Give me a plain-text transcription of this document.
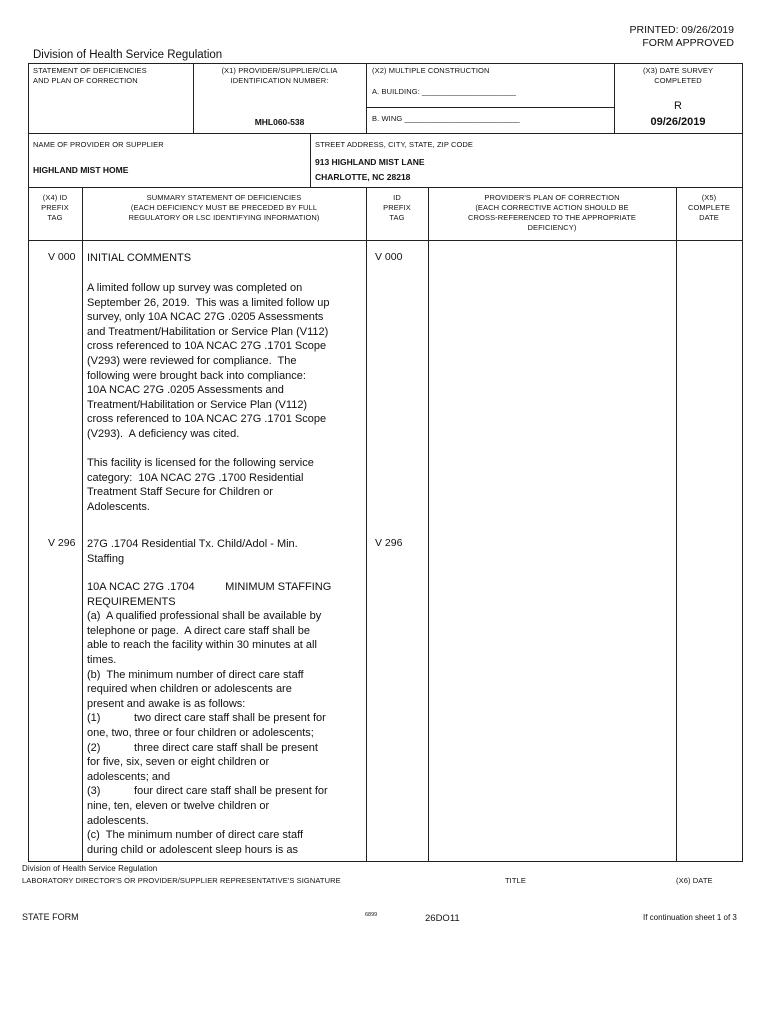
PRINTED: 09/26/2019
FORM APPROVED
Division of Health Service Regulation
STATEMENT OF DEFICIENCIES
AND PLAN OF CORRECTION
(X1) PROVIDER/SUPPLIER/CLIA
IDENTIFICATION NUMBER:
MHL060-538
(X2) MULTIPLE CONSTRUCTION
A. BUILDING: ______________________
B. WING ___________________________
(X3) DATE SURVEY
COMPLETED
R
09/26/2019
NAME OF PROVIDER OR SUPPLIER
HIGHLAND MIST HOME
STREET ADDRESS, CITY, STATE, ZIP CODE
913 HIGHLAND MIST LANE
CHARLOTTE, NC 28218
(X4) ID
PREFIX
TAG
SUMMARY STATEMENT OF DEFICIENCIES
(EACH DEFICIENCY MUST BE PRECEDED BY FULL
REGULATORY OR LSC IDENTIFYING INFORMATION)
ID
PREFIX
TAG
PROVIDER'S PLAN OF CORRECTION
(EACH CORRECTIVE ACTION SHOULD BE
CROSS-REFERENCED TO THE APPROPRIATE
DEFICIENCY)
(X5)
COMPLETE
DATE
V 000	V 000
INITIAL COMMENTS
A limited follow up survey was completed on
September 26, 2019.  This was a limited follow up
survey, only 10A NCAC 27G .0205 Assessments
and Treatment/Habilitation or Service Plan (V112)
cross referenced to 10A NCAC 27G .1701 Scope
(V293) were reviewed for compliance.  The
following were brought back into compliance:
10A NCAC 27G .0205 Assessments and
Treatment/Habilitation or Service Plan (V112)
cross referenced to 10A NCAC 27G .1701 Scope
(V293).  A deficiency was cited.

This facility is licensed for the following service
category:  10A NCAC 27G .1700 Residential
Treatment Staff Secure for Children or
Adolescents.
V 296	V 296
27G .1704 Residential Tx. Child/Adol - Min.
Staffing
10A NCAC 27G .1704          MINIMUM STAFFING
REQUIREMENTS
(a)  A qualified professional shall be available by
telephone or page.  A direct care staff shall be
able to reach the facility within 30 minutes at all
times.
(b)  The minimum number of direct care staff
required when children or adolescents are
present and awake is as follows:
(1)           two direct care staff shall be present for
one, two, three or four children or adolescents;
(2)           three direct care staff shall be present
for five, six, seven or eight children or
adolescents; and
(3)           four direct care staff shall be present for
nine, ten, eleven or twelve children or
adolescents.
(c)  The minimum number of direct care staff
during child or adolescent sleep hours is as
Division of Health Service Regulation
LABORATORY DIRECTOR'S OR PROVIDER/SUPPLIER REPRESENTATIVE'S SIGNATURE	TITLE	(X6) DATE
STATE FORM	6899	26DO11	If continuation sheet 1 of 3
